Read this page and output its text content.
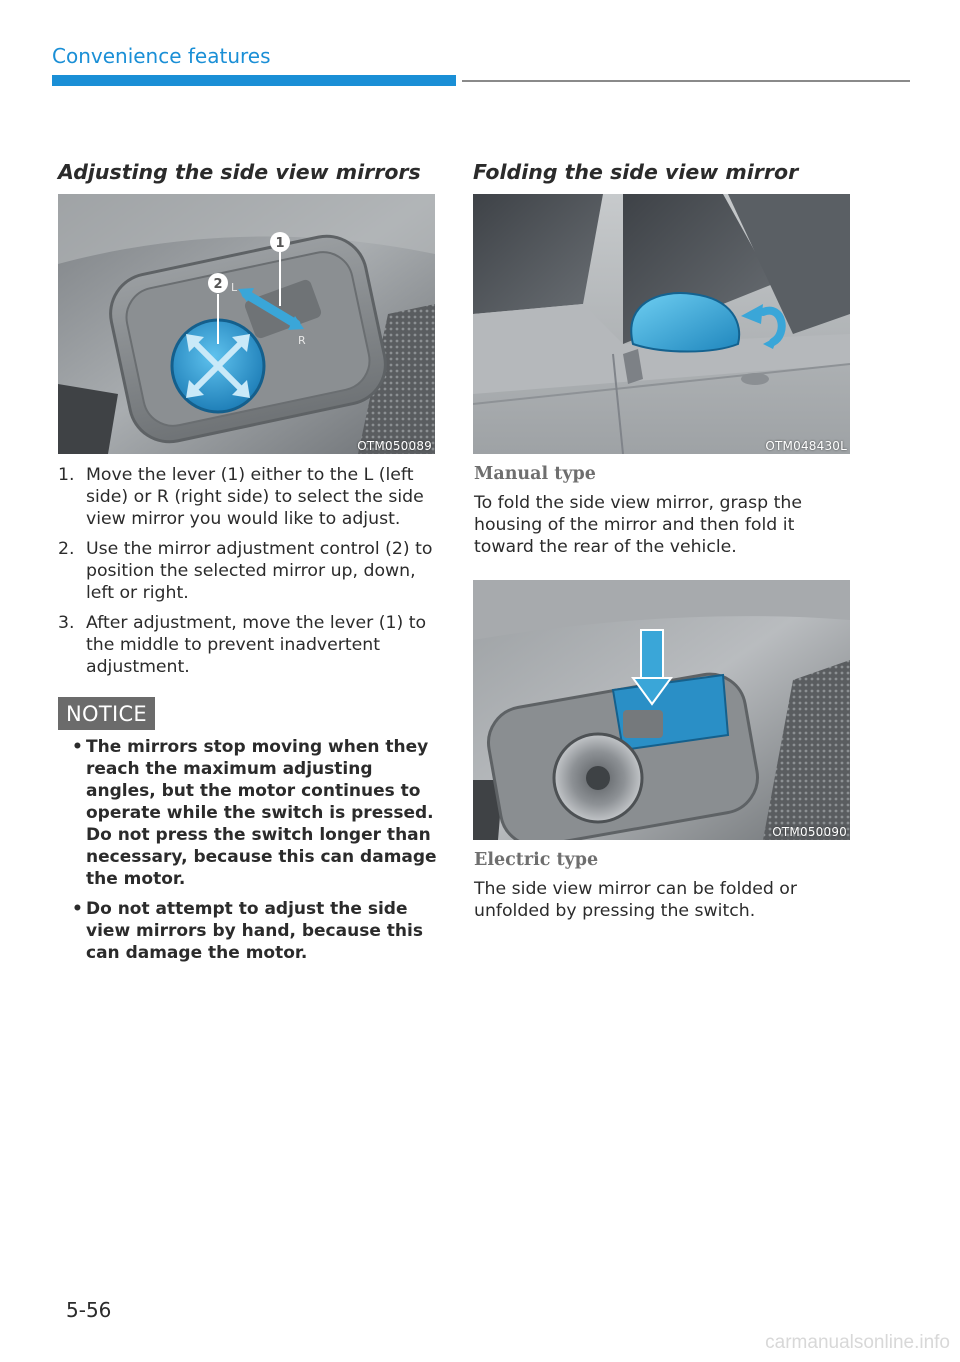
Convenience features
Adjusting the side view mirrors
1
2 L
R
OTM050089
1. Move the lever (1) either to the L (left side) or R (right side) to select the side view mirror you would like to adjust.
2. Use the mirror adjustment control (2) to position the selected mirror up, down, left or right.
3. After adjustment, move the lever (1) to the middle to prevent inadvertent adjustment.
NOTICE
• The mirrors stop moving when they reach the maximum adjusting angles, but the motor continues to operate while the switch is pressed. Do not press the switch longer than necessary, because this can damage the motor.
• Do not attempt to adjust the side view mirrors by hand, because this can damage the motor.
Folding the side view mirror
OTM048430L
Manual type

To fold the side view mirror, grasp the housing of the mirror and then fold it toward the rear of the vehicle.

OTM050090
Electric type

The side view mirror can be folded or unfolded by pressing the switch.

5-56
carmanualsonline.info
